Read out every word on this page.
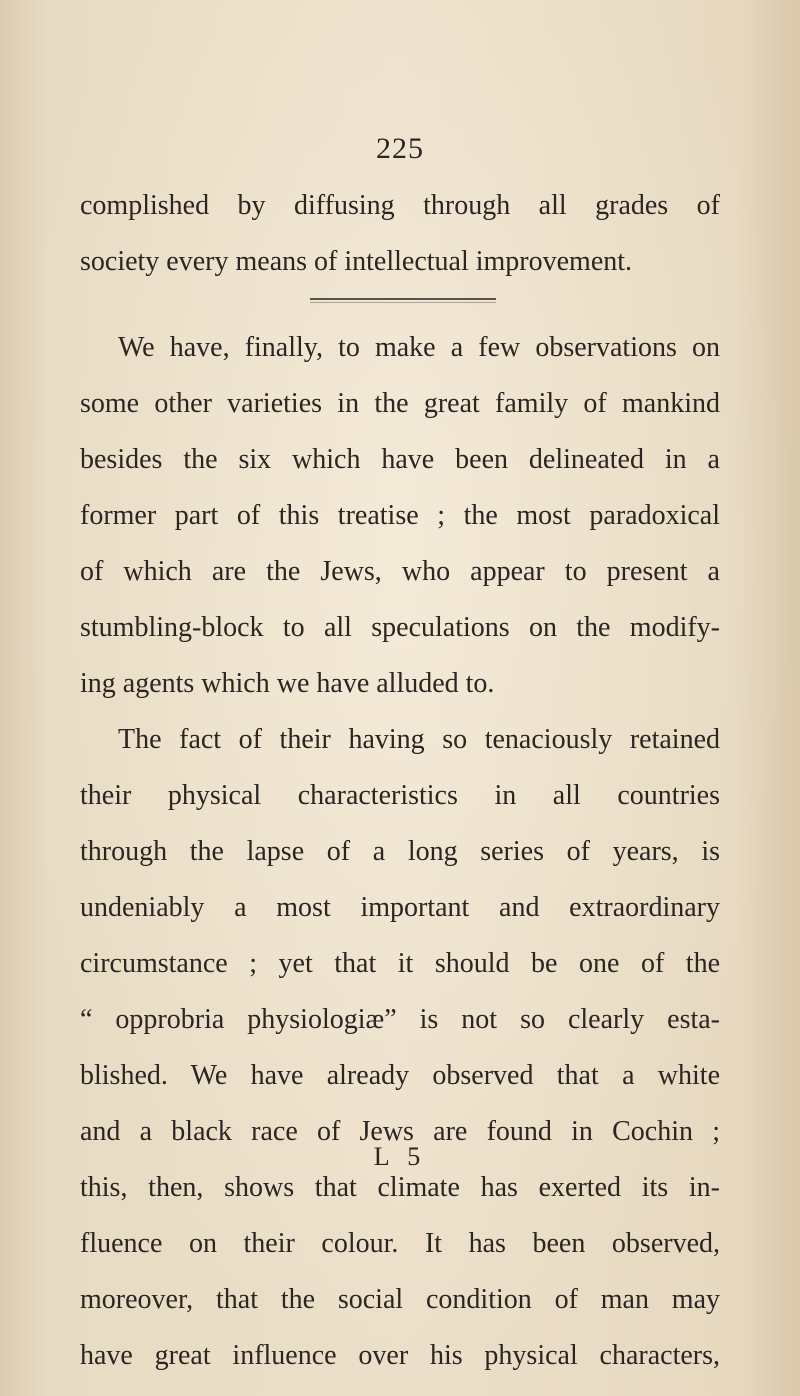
225
complished by diffusing through all grades of
society every means of intellectual improvement.
We have, finally, to make a few observations on
some other varieties in the great family of mankind
besides the six which have been delineated in a
former part of this treatise ; the most paradoxical
of which are the Jews, who appear to present a
stumbling-block to all speculations on the modify-
ing agents which we have alluded to.
The fact of their having so tenaciously retained
their physical characteristics in all countries
through the lapse of a long series of years, is
undeniably a most important and extraordinary
circumstance ; yet that it should be one of the
“ opprobria physiologiæ” is not so clearly esta-
blished. We have already observed that a white
and a black race of Jews are found in Cochin ;
this, then, shows that climate has exerted its in-
fluence on their colour. It has been observed,
moreover, that the social condition of man may
have great influence over his physical characters,
L 5
